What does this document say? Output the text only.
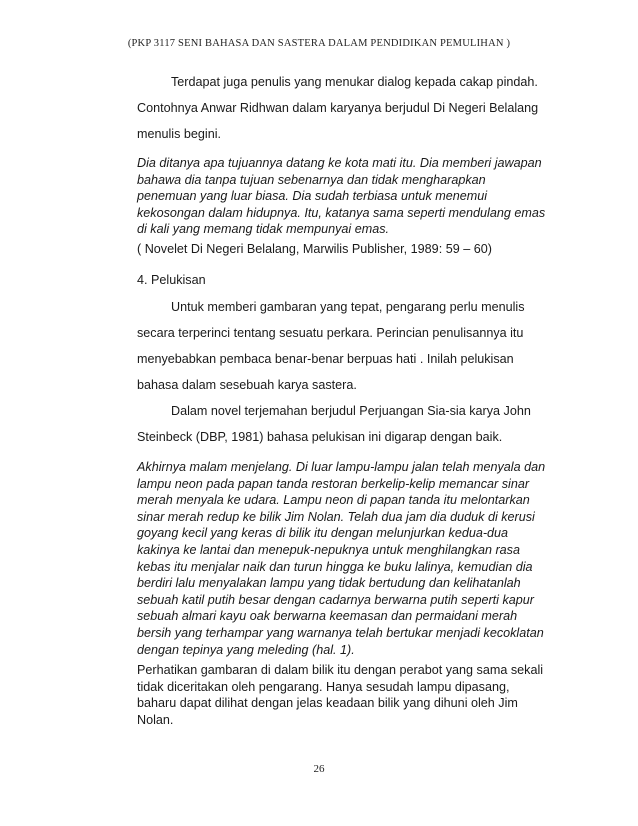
(PKP 3117 SENI BAHASA DAN SASTERA DALAM PENDIDIKAN PEMULIHAN )

Terdapat juga penulis yang menukar dialog kepada cakap pindah. Contohnya Anwar Ridhwan dalam karyanya berjudul Di Negeri Belalang menulis begini.

Dia ditanya apa tujuannya datang ke kota mati itu. Dia memberi jawapan bahawa dia tanpa tujuan sebenarnya dan tidak mengharapkan penemuan yang luar biasa. Dia sudah terbiasa untuk menemui kekosongan dalam hidupnya. Itu, katanya sama seperti mendulang emas di kali yang memang tidak mempunyai emas.

( Novelet Di Negeri Belalang, Marwilis Publisher, 1989: 59 – 60)

4. Pelukisan

Untuk memberi gambaran yang tepat, pengarang perlu menulis secara terperinci tentang sesuatu perkara. Perincian penulisannya itu menyebabkan pembaca benar-benar berpuas hati . Inilah pelukisan bahasa dalam sesebuah karya sastera.

Dalam novel terjemahan berjudul Perjuangan Sia-sia karya John Steinbeck (DBP, 1981) bahasa pelukisan ini digarap dengan baik.

Akhirnya malam menjelang. Di luar lampu-lampu jalan telah menyala dan lampu neon pada papan tanda restoran berkelip-kelip memancar sinar merah menyala ke udara. Lampu neon di papan tanda itu melontarkan sinar merah redup ke bilik Jim Nolan. Telah dua jam dia duduk di kerusi goyang kecil yang keras di bilik itu dengan melunjurkan kedua-dua kakinya ke lantai dan menepuk-nepuknya untuk menghilangkan rasa kebas itu menjalar naik dan turun hingga ke buku lalinya, kemudian dia berdiri lalu menyalakan lampu yang tidak bertudung dan kelihatanlah sebuah katil putih besar dengan cadarnya berwarna putih seperti kapur sebuah almari kayu oak berwarna keemasan dan permaidani merah bersih yang terhampar yang warnanya telah bertukar menjadi kecoklatan dengan tepinya yang meleding (hal. 1).

Perhatikan gambaran di dalam bilik itu dengan perabot yang sama sekali tidak diceritakan oleh pengarang. Hanya sesudah lampu dipasang, baharu dapat dilihat dengan jelas keadaan bilik yang dihuni oleh Jim Nolan.

26
